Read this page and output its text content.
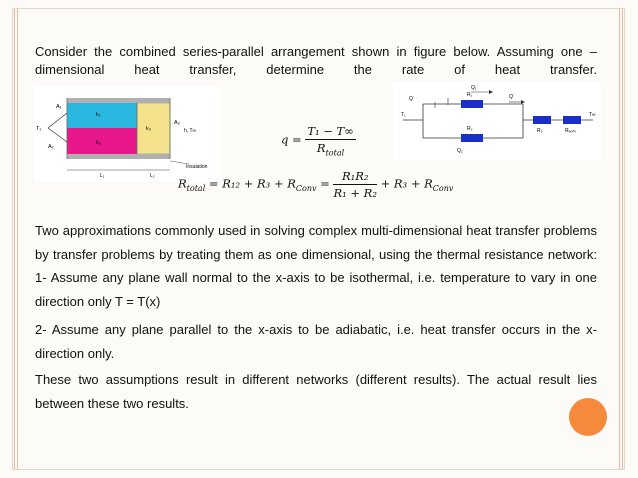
Consider the combined series-parallel arrangement shown in figure below. Assuming one – dimensional heat transfer, determine the rate of heat transfer.
T₁
A₁
A₂
A₃
k₁
k₂
k₃	h, T∞
Insulation
L₁	L₂
T₁	T∞
R₁
R₂	R₃	Rₑₒₙᵥ
Q₁˙
Q₂˙
Q˙	Q˙
$q = \frac{\text{T₁ − T∞}}{R_{total}}$
$R_{total} = R_{12} + R_3 + R_{Conv} = \frac{\text{R₁R₂}}{\text{R₁ + R₂}} + R_3 + R_{Conv}$
Two approximations commonly used in solving complex multi-dimensional heat transfer problems by transfer problems by treating them as one dimensional, using the thermal resistance network:
1- Assume any plane wall normal to the x-axis to be isothermal, i.e. temperature to vary in one direction only T = T(x)
2- Assume any plane parallel to the x-axis to be adiabatic, i.e. heat transfer occurs in the x- direction only.
These two assumptions result in different networks (different results). The actual result lies between these two results.
